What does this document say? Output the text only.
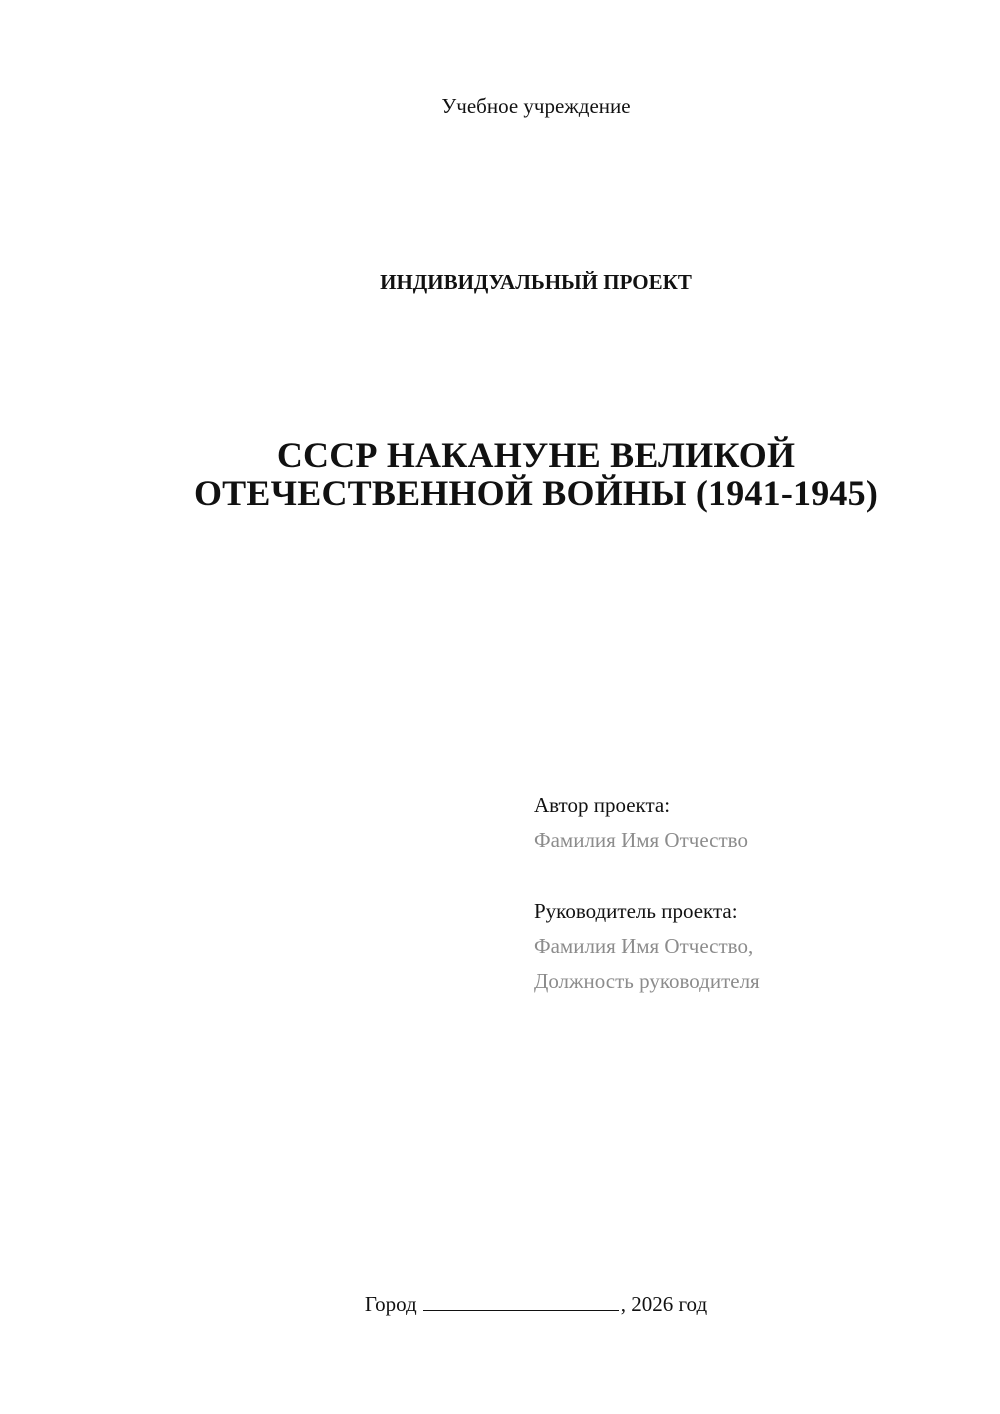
Учебное учреждение
ИНДИВИДУАЛЬНЫЙ ПРОЕКТ
СССР НАКАНУНЕ ВЕЛИКОЙ
ОТЕЧЕСТВЕННОЙ ВОЙНЫ (1941-1945)
Автор проекта:
Фамилия Имя Отчество
Руководитель проекта:
Фамилия Имя Отчество,
Должность руководителя
Город	, 2026 год
